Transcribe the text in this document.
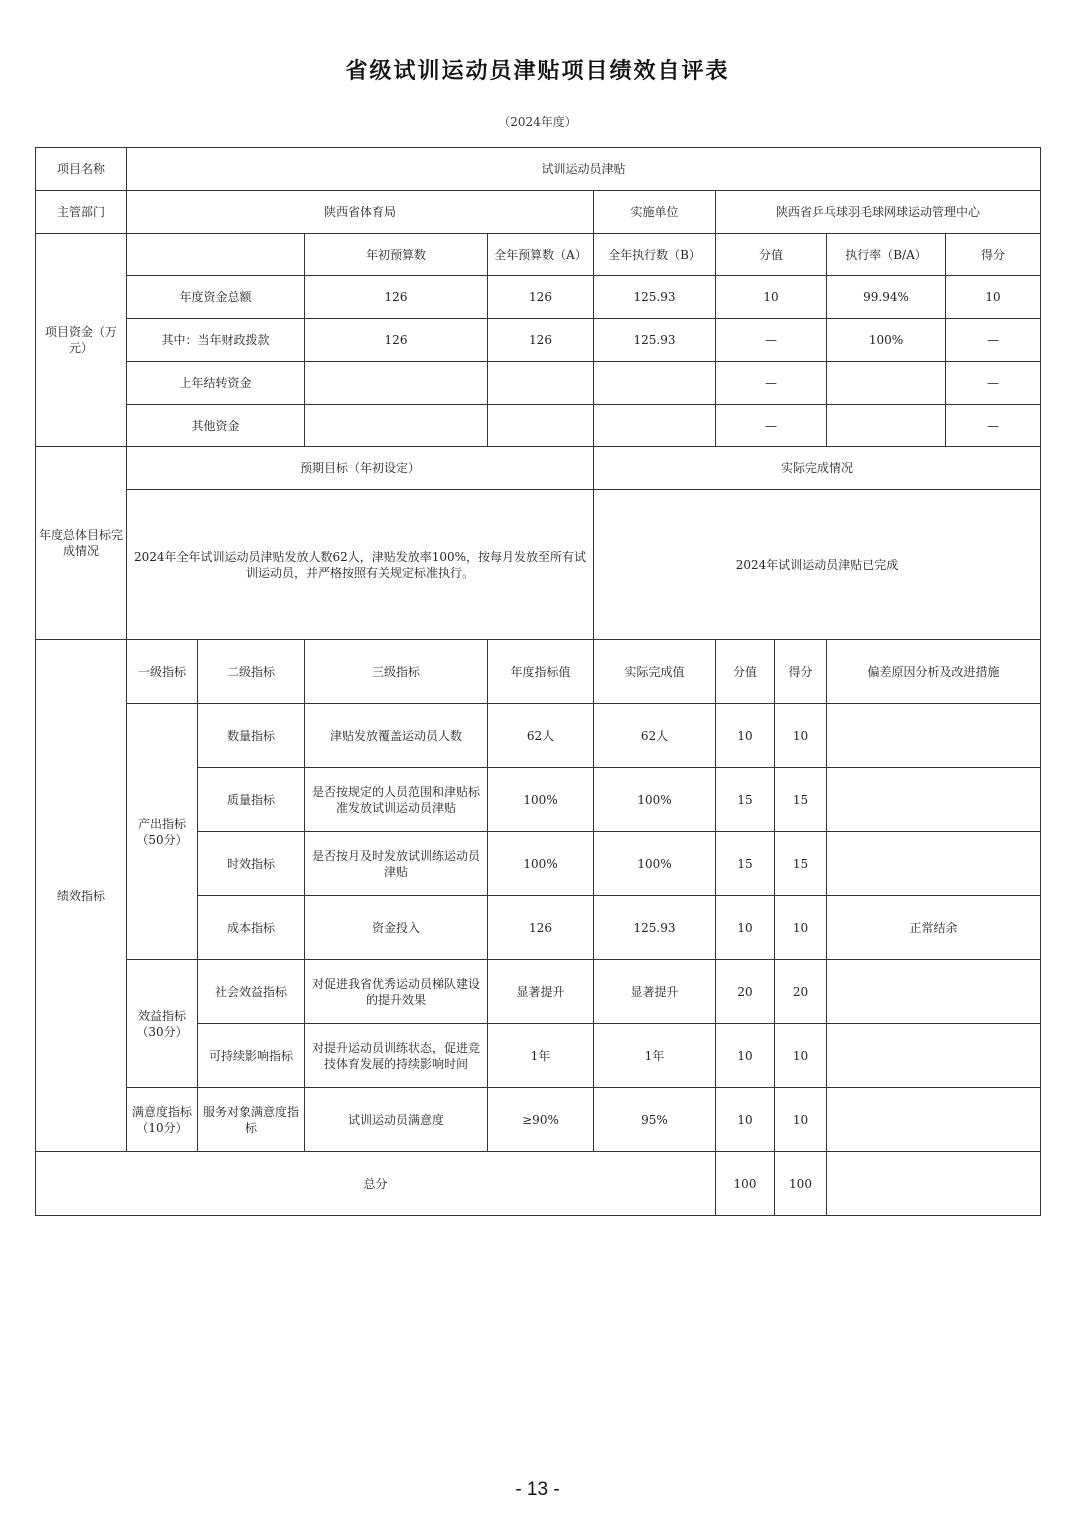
省级试训运动员津贴项目绩效自评表
（2024年度）
项目名称	试训运动员津贴								
主管部门	陕西省体育局				实施单位	陕西省乒乓球羽毛球网球运动管理中心			
项目资金（万元）			年初预算数	全年预算数（A）	全年执行数（B）	分值		执行率（B/A）	得分
	年度资金总额		126	126	125.93	10		99.94%	10
	其中：当年财政拨款		126	126	125.93	—		100%	—
	上年结转资金					—			—
	其他资金					—			—
年度总体目标完成情况	预期目标（年初设定）				实际完成情况				
	2024年全年试训运动员津贴发放人数62人，津贴发放率100%，按每月发放至所有试训运动员，并严格按照有关规定标准执行。				2024年试训运动员津贴已完成				
绩效指标	一级指标	二级指标	三级指标	年度指标值	实际完成值	分值	得分	偏差原因分析及改进措施	
	产出指标（50分）	数量指标	津贴发放覆盖运动员人数	62人	62人	10	10		
		质量指标	是否按规定的人员范围和津贴标准发放试训运动员津贴	100%	100%	15	15		
		时效指标	是否按月及时发放试训练运动员津贴	100%	100%	15	15		
		成本指标	资金投入	126	125.93	10	10	正常结余	
	效益指标（30分）	社会效益指标	对促进我省优秀运动员梯队建设的提升效果	显著提升	显著提升	20	20		
		可持续影响指标	对提升运动员训练状态，促进竞技体育发展的持续影响时间	1年	1年	10	10		
	满意度指标（10分）	服务对象满意度指标	试训运动员满意度	≥90%	95%	10	10		
总分						100	100		
- 13 -
